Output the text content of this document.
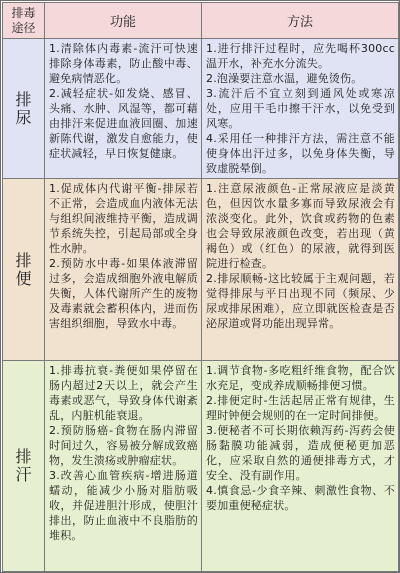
排毒
途径	功能	方法

排尿	1.清除体内毒素-流汗可快速排除身体毒素，防止酸中毒、避免病情恶化。
2.减轻症状-如发烧、感冒、头痛、水肿、风湿等，都可藉由排汗来促进血液回圈、加速新陈代谢，激发自愈能力，使症状减轻，早日恢复健康。	1.进行排汗过程时，应先喝杯300cc温开水，补充水分流失。
2.泡澡要注意水温，避免烫伤。
3.流汗后不宜立刻到通风处或寒凉处，应用干毛巾擦干汗水，以免受到风寒。
4.采用任一种排汗方法，需注意不能使身体出汗过多，以免身体失衡，导致虚脱晕倒。

排便	1.促成体内代谢平衡-排尿若不正常，会造成血内液体无法与组织间液维持平衡，造成调节系统失控，引起局部或全身 性水肿。
2.预防水中毒-如果体液滞留过多，会造成细胞外液电解质失衡，人体代谢所产生的废物及毒素就会蓄积体内，进而伤害组织细胞，导致水中毒。	1.注意尿液颜色-正常尿液应是淡黄色，但因饮水量多寡而导致尿液会有浓淡变化。此外，饮食或药物的色素也会导致尿液颜色改变，若出现（黄褐色）或（红色）的尿液，就得到医院进行检查。
2.排尿顺畅-这比较属于主观问题，若觉得排尿与平日出现不同（频尿、少尿或排尿困难），应立即就医检查是否泌尿道或肾功能出现异常。

排汗	1.排毒抗衰-粪便如果停留在肠内超过2天以上，就会产生毒素或恶气，导致身体代谢紊乱，内脏机能衰退。
2.预防肠癌-食物在肠内滞留时间过久，容易被分解成致癌物，发生溃疡或肿瘤症状。
3.改善心血管疾病-增进肠道蠕动，能减少小肠对脂肪吸收，并促进胆汁形成，使胆汁排出，防止血液中不良脂肪的堆积。	1.调节食物-多吃粗纤维食物，配合饮水充足，变成养成顺畅排便习惯。
2.排便定时-生活起居正常有规律，生理时钟便会规则的在一定时间排便。
3.便秘者不可长期依赖泻药-泻药会使肠黏膜功能减弱，造成便秘更加恶化，应采取自然的通便排毒方式，才安全、没有副作用。
4.慎食忌-少食辛辣、刺激性食物、不要加重便秘症状。
